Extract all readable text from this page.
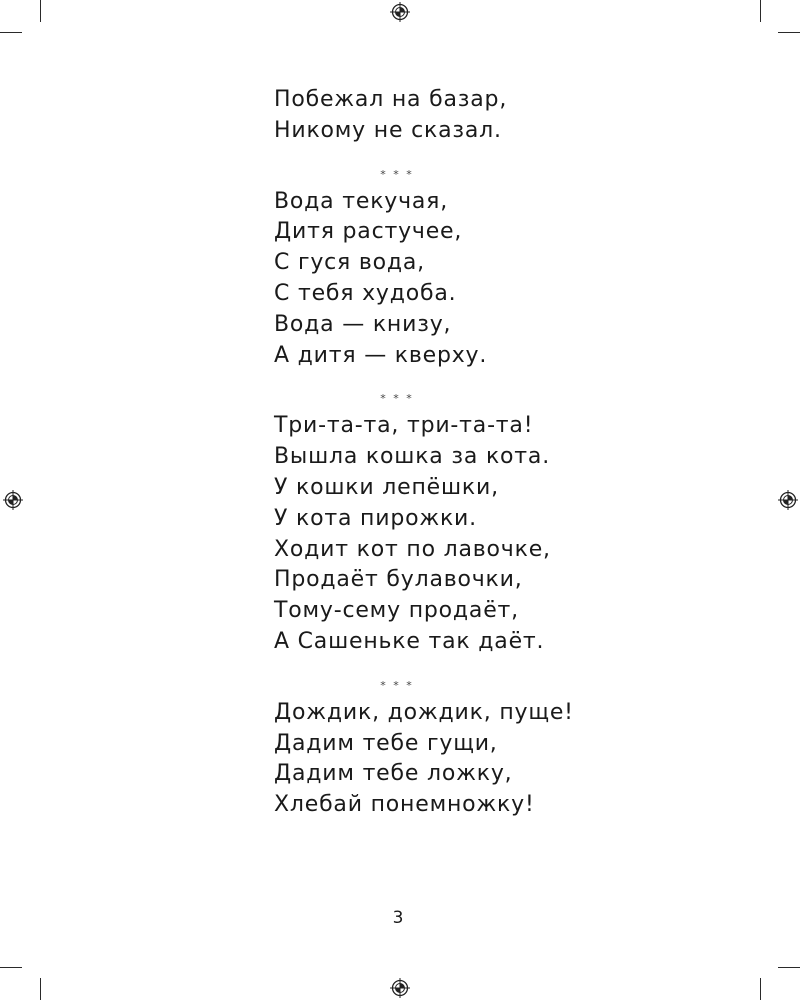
Побежал на базар,
Никому не сказал.
* * *
Вода текучая,
Дитя растучее,
С гуся вода,
С тебя худоба.
Вода — книзу,
А дитя — кверху.
* * *
Три-та-та, три-та-та!
Вышла кошка за кота.
У кошки лепёшки,
У кота пирожки.
Ходит кот по лавочке,
Продаёт булавочки,
Тому-сему продаёт,
А Сашеньке так даёт.
* * *
Дождик, дождик, пуще!
Дадим тебе гущи,
Дадим тебе ложку,
Хлебай понемножку!
3
